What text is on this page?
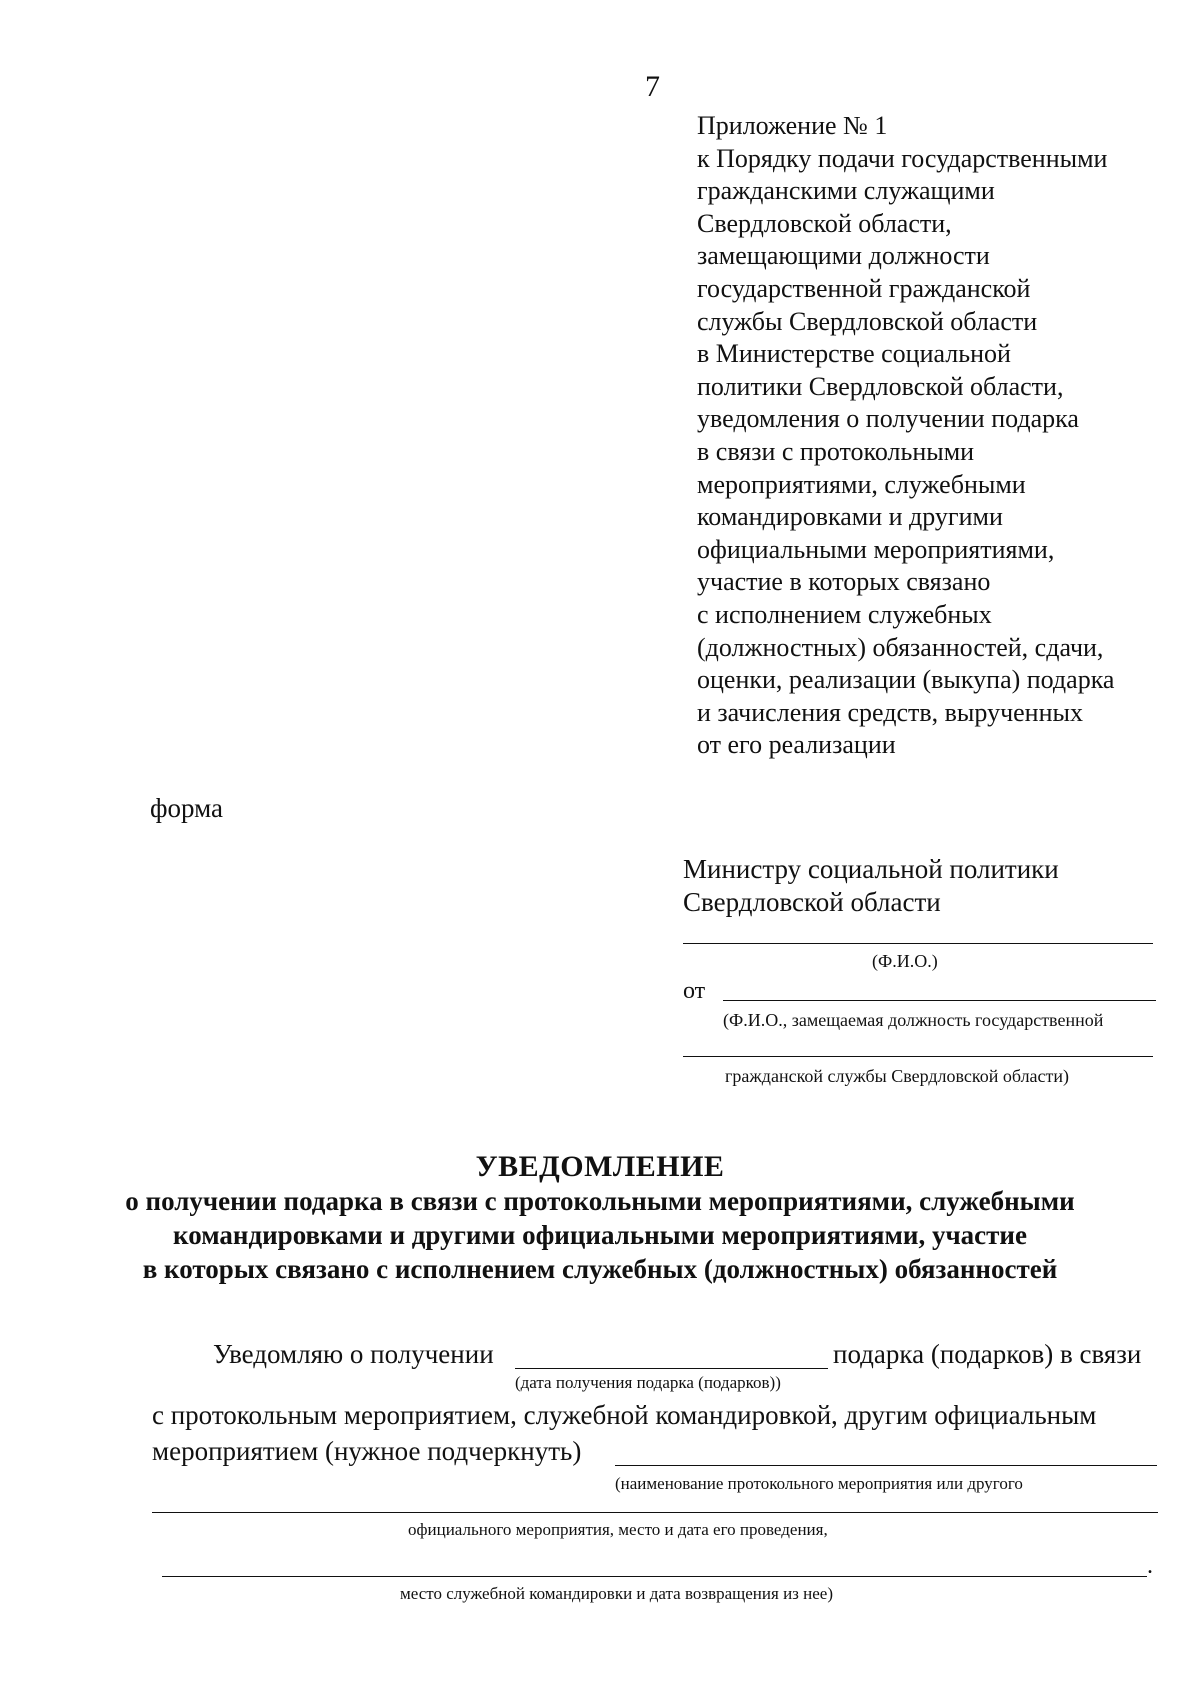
7
Приложение № 1
к Порядку подачи государственными
гражданскими служащими
Свердловской области,
замещающими должности
государственной гражданской
службы Свердловской области
в Министерстве социальной
политики Свердловской области,
уведомления о получении подарка
в связи с протокольными
мероприятиями, служебными
командировками и другими
официальными мероприятиями,
участие в которых связано
с исполнением служебных
(должностных) обязанностей, сдачи,
оценки, реализации (выкупа) подарка
и зачисления средств, вырученных
от его реализации
форма
Министру социальной политики
Свердловской области
(Ф.И.О.)
от
(Ф.И.О., замещаемая должность государственной
гражданской службы Свердловской области)
УВЕДОМЛЕНИЕ
о получении подарка в связи с протокольными мероприятиями, служебными
командировками и другими официальными мероприятиями, участие
в которых связано с исполнением служебных (должностных) обязанностей
Уведомляю о получении	подарка (подарков) в связи
(дата получения подарка (подарков))
с протокольным мероприятием, служебной командировкой, другим официальным
мероприятием (нужное подчеркнуть)
(наименование протокольного мероприятия или другого
официального мероприятия, место и дата его проведения,
.
место служебной командировки и дата возвращения из нее)
